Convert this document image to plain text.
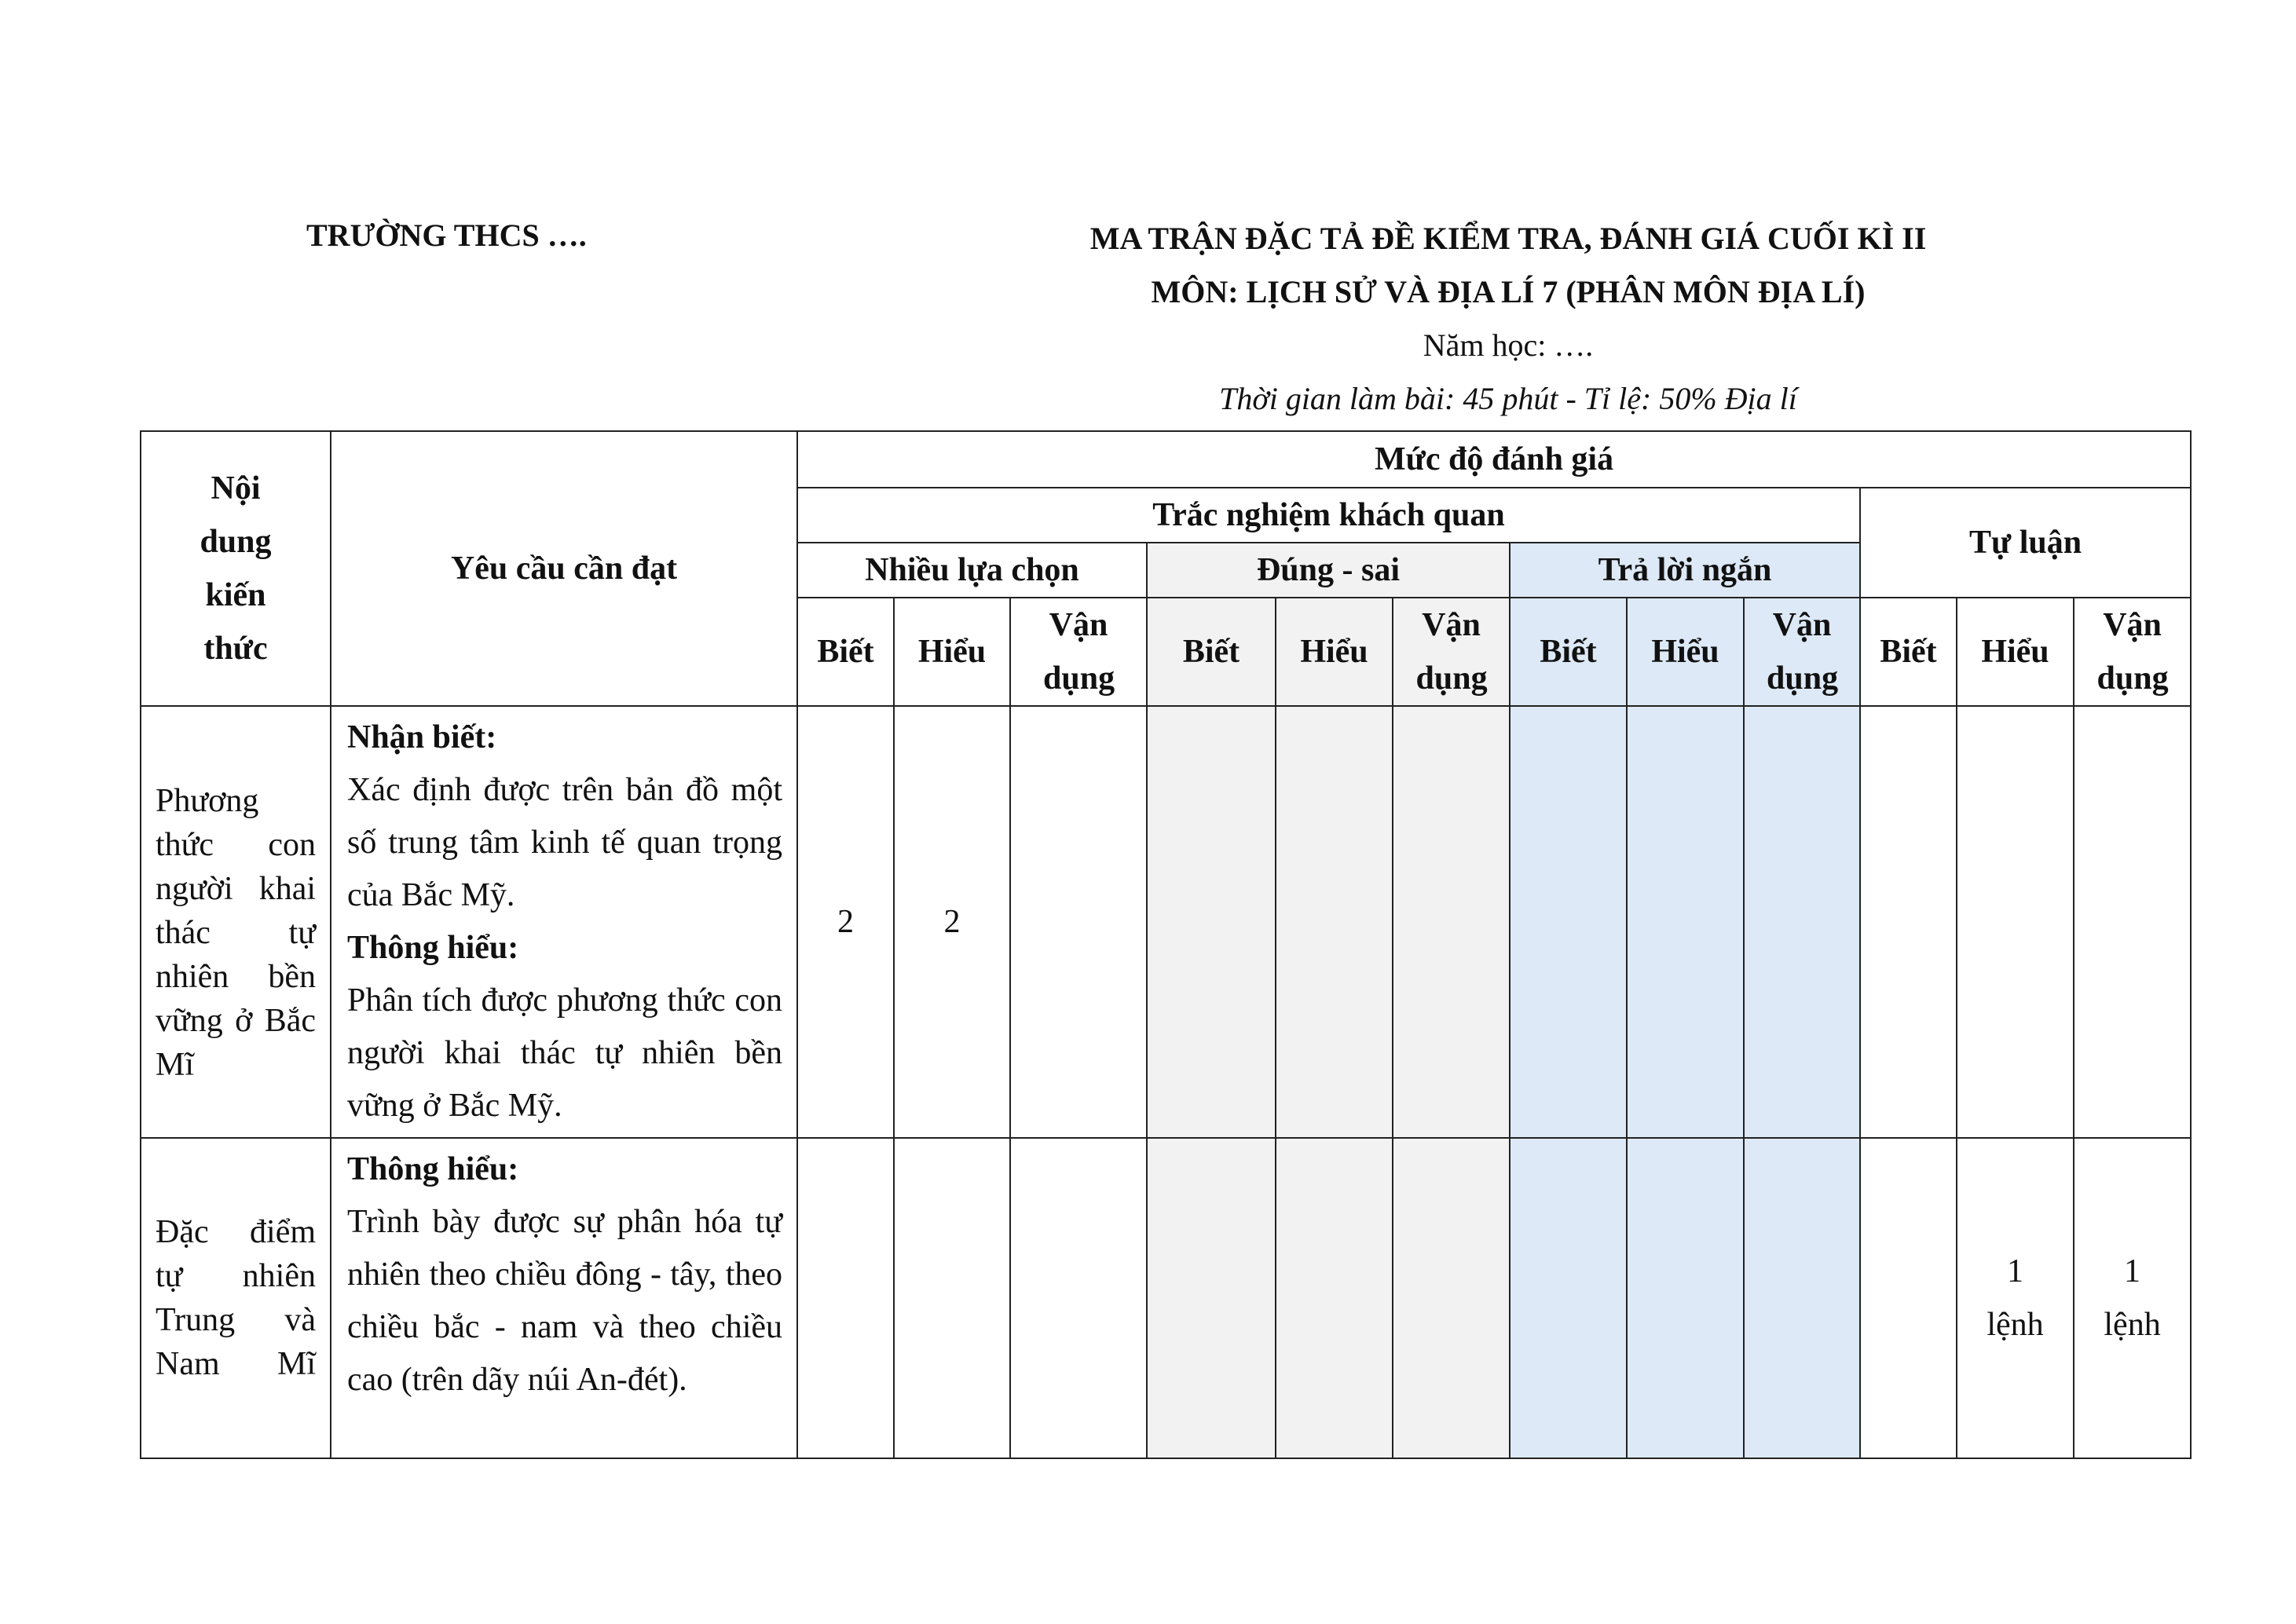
TRƯỜNG THCS ….	MA TRẬN ĐẶC TẢ ĐỀ KIỂM TRA, ĐÁNH GIÁ CUỐI KÌ II
MÔN: LỊCH SỬ VÀ ĐỊA LÍ 7 (PHÂN MÔN ĐỊA LÍ)
Năm học: ….
Thời gian làm bài: 45 phút - Tỉ lệ: 50% Địa lí
Nội dung kiến thức	Yêu cầu cần đạt	Mức độ đánh giá											
		Trắc nghiệm khách quan									Tự luận		
		Nhiều lựa chọn			Đúng - sai			Trả lời ngắn					
		Biết	Hiểu	Vận dụng	Biết	Hiểu	Vận dụng	Biết	Hiểu	Vận dụng	Biết	Hiểu	Vận dụng

Phương thức con người khai thác tự nhiên bền vững ở Bắc Mĩ	Nhận biết:
Xác định được trên bản đồ một số trung tâm kinh tế quan trọng của Bắc Mỹ.
Thông hiểu:
Phân tích được phương thức con người khai thác tự nhiên bền vững ở Bắc Mỹ.	2	2										

Đặc điểm tự nhiên Trung và Nam Mĩ	Thông hiểu:
Trình bày được sự phân hóa tự nhiên theo chiều đông - tây, theo chiều bắc - nam và theo chiều cao (trên dãy núi An-đét).											1 lệnh	1 lệnh
